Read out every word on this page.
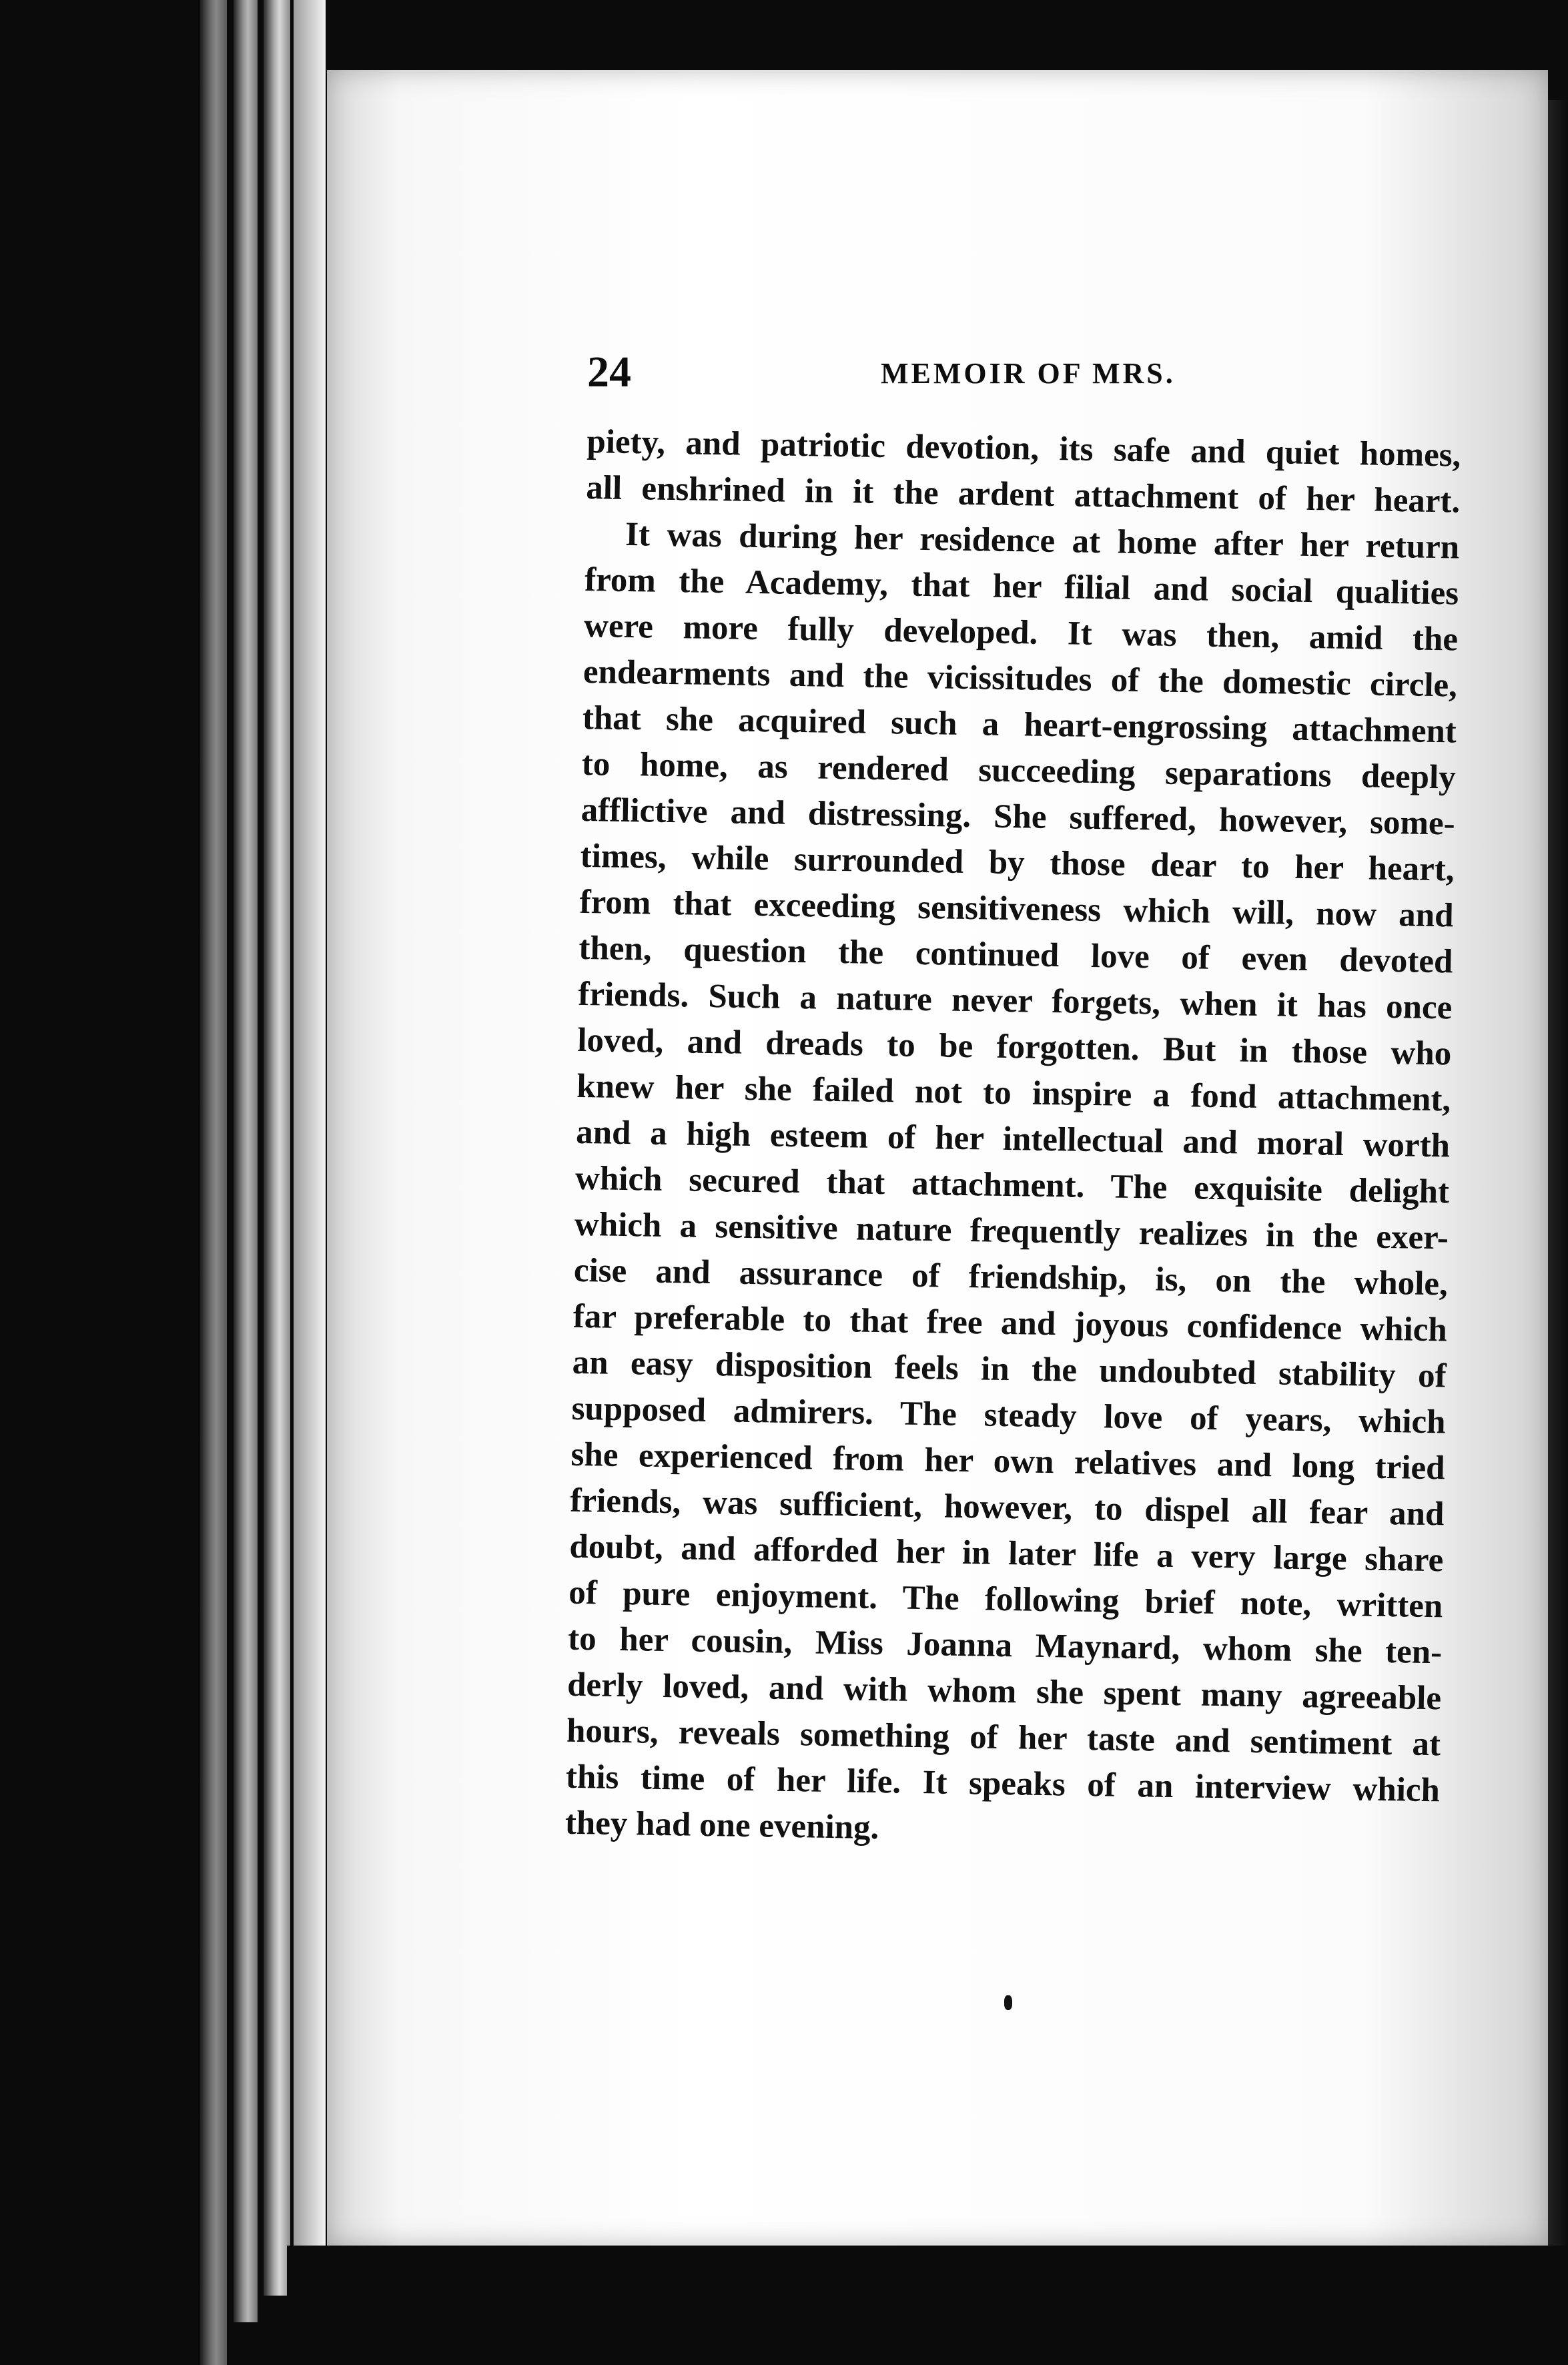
24	MEMOIR OF MRS.
piety, and patriotic devotion, its safe and quiet homes,
all enshrined in it the ardent attachment of her heart.
It was during her residence at home after her return
from the Academy, that her filial and social qualities
were more fully developed. It was then, amid the
endearments and the vicissitudes of the domestic circle,
that she acquired such a heart-engrossing attachment
to home, as rendered succeeding separations deeply
afflictive and distressing. She suffered, however, some-
times, while surrounded by those dear to her heart,
from that exceeding sensitiveness which will, now and
then, question the continued love of even devoted
friends. Such a nature never forgets, when it has once
loved, and dreads to be forgotten. But in those who
knew her she failed not to inspire a fond attachment,
and a high esteem of her intellectual and moral worth
which secured that attachment. The exquisite delight
which a sensitive nature frequently realizes in the exer-
cise and assurance of friendship, is, on the whole,
far preferable to that free and joyous confidence which
an easy disposition feels in the undoubted stability of
supposed admirers. The steady love of years, which
she experienced from her own relatives and long tried
friends, was sufficient, however, to dispel all fear and
doubt, and afforded her in later life a very large share
of pure enjoyment. The following brief note, written
to her cousin, Miss Joanna Maynard, whom she ten-
derly loved, and with whom she spent many agreeable
hours, reveals something of her taste and sentiment at
this time of her life. It speaks of an interview which
they had one evening.
